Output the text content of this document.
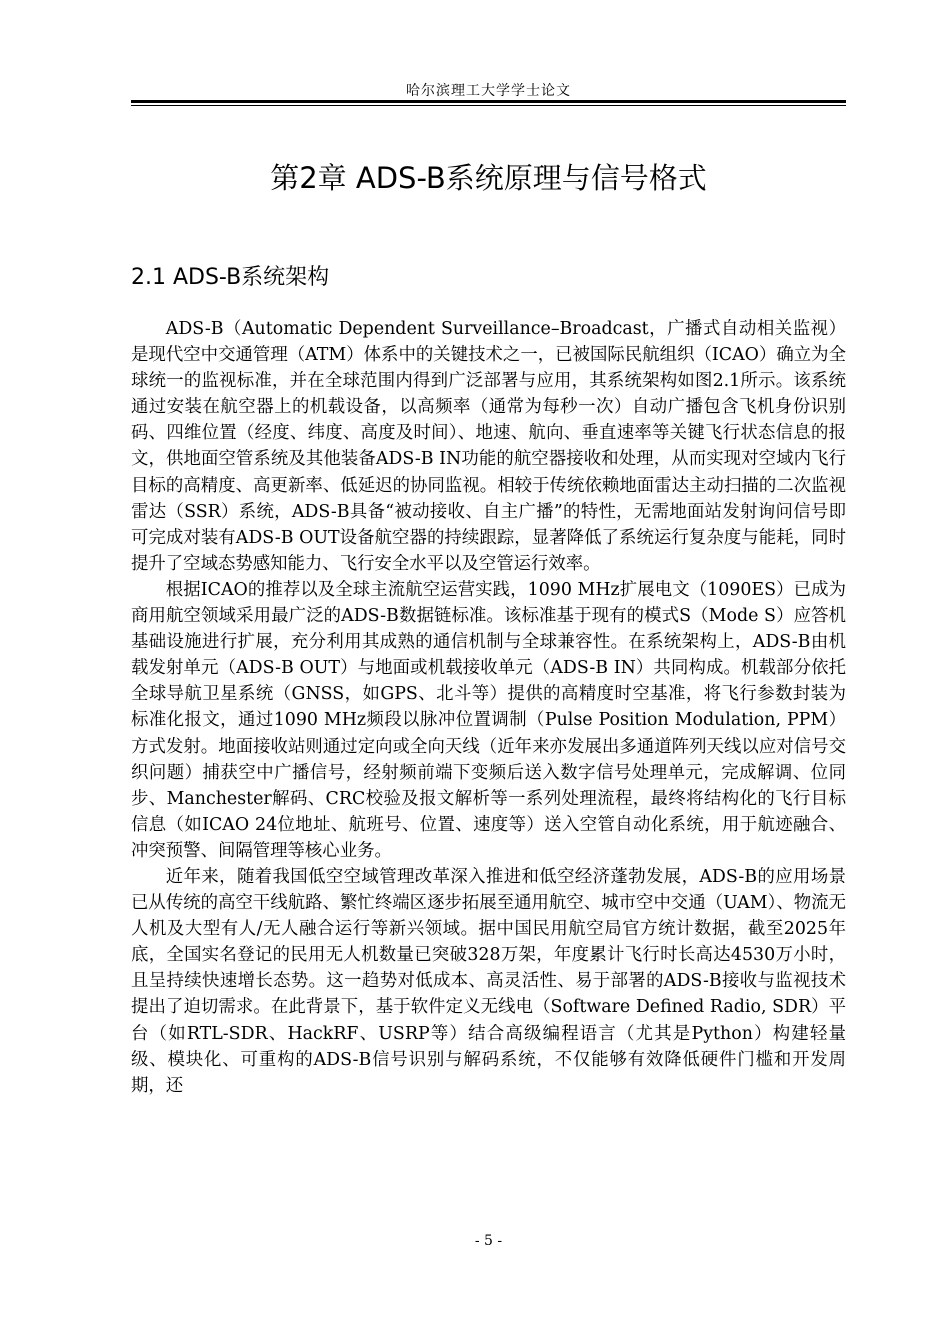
哈尔滨理工大学学士论文
第2章 ADS-B系统原理与信号格式
2.1 ADS-B系统架构

ADS-B（Automatic Dependent Surveillance–Broadcast，广播式自动相关监视）是现代空中交通管理（ATM）体系中的关键技术之一，已被国际民航组织（ICAO）确立为全球统一的监视标准，并在全球范围内得到广泛部署与应用，其系统架构如图2.1所示。该系统通过安装在航空器上的机载设备，以高频率（通常为每秒一次）自动广播包含飞机身份识别码、四维位置（经度、纬度、高度及时间）、地速、航向、垂直速率等关键飞行状态信息的报文，供地面空管系统及其他装备ADS-B IN功能的航空器接收和处理，从而实现对空域内飞行目标的高精度、高更新率、低延迟的协同监视。相较于传统依赖地面雷达主动扫描的二次监视雷达（SSR）系统，ADS-B具备“被动接收、自主广播”的特性，无需地面站发射询问信号即可完成对装有ADS-B OUT设备航空器的持续跟踪，显著降低了系统运行复杂度与能耗，同时提升了空域态势感知能力、飞行安全水平以及空管运行效率。

根据ICAO的推荐以及全球主流航空运营实践，1090 MHz扩展电文（1090ES）已成为商用航空领域采用最广泛的ADS-B数据链标准。该标准基于现有的模式S（Mode S）应答机基础设施进行扩展，充分利用其成熟的通信机制与全球兼容性。在系统架构上，ADS-B由机载发射单元（ADS-B OUT）与地面或机载接收单元（ADS-B IN）共同构成。机载部分依托全球导航卫星系统（GNSS，如GPS、北斗等）提供的高精度时空基准，将飞行参数封装为标准化报文，通过1090 MHz频段以脉冲位置调制（Pulse Position Modulation, PPM）方式发射。地面接收站则通过定向或全向天线（近年来亦发展出多通道阵列天线以应对信号交织问题）捕获空中广播信号，经射频前端下变频后送入数字信号处理单元，完成解调、位同步、Manchester解码、CRC校验及报文解析等一系列处理流程，最终将结构化的飞行目标信息（如ICAO 24位地址、航班号、位置、速度等）送入空管自动化系统，用于航迹融合、冲突预警、间隔管理等核心业务。

近年来，随着我国低空空域管理改革深入推进和低空经济蓬勃发展，ADS-B的应用场景已从传统的高空干线航路、繁忙终端区逐步拓展至通用航空、城市空中交通（UAM）、物流无人机及大型有人/无人融合运行等新兴领域。据中国民用航空局官方统计数据，截至2025年底，全国实名登记的民用无人机数量已突破328万架，年度累计飞行时长高达4530万小时，且呈持续快速增长态势。这一趋势对低成本、高灵活性、易于部署的ADS-B接收与监视技术提出了迫切需求。在此背景下，基于软件定义无线电（Software Defined Radio, SDR）平台（如RTL-SDR、HackRF、USRP等）结合高级编程语言（尤其是Python）构建轻量级、模块化、可重构的ADS-B信号识别与解码系统，不仅能够有效降低硬件门槛和开发周期，还

- 5 -
